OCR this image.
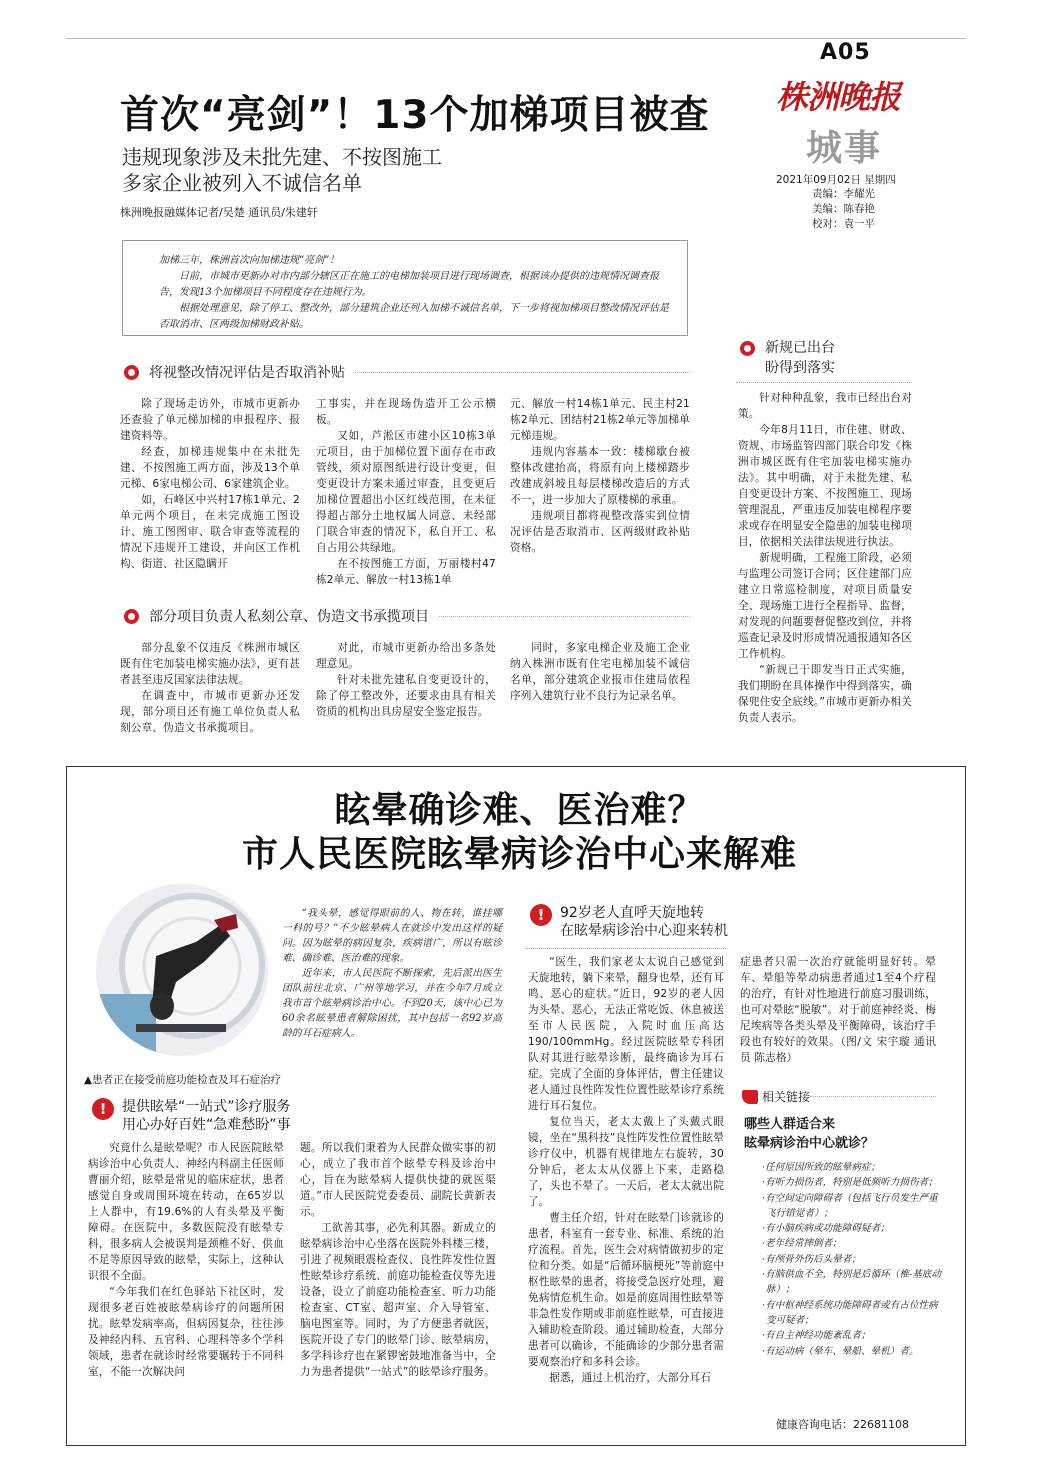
A05
株洲晚报
城事
2021年09月02日 星期四
责编：李耀光
美编：陈春艳
校对：袁一平
首次“亮剑”！13个加梯项目被查
违规现象涉及未批先建、不按图施工
多家企业被列入不诚信名单
株洲晚报融媒体记者/吴楚 通讯员/朱建轩

加梯三年，株洲首次向加梯违规“亮剑”！

日前，市城市更新办对市内部分辖区正在施工的电梯加装项目进行现场调查，根据该办提供的违规情况调查报告，发现13个加梯项目不同程度存在违规行为。

根据处理意见，除了停工、整改外，部分建筑企业还列入加梯不诚信名单，下一步将视加梯项目整改情况评估是否取消市、区两级加梯财政补贴。

将视整改情况评估是否取消补贴

除了现场走访外，市城市更新办还查验了单元梯加梯的申报程序、报建资料等。

经查，加梯违规集中在未批先建、不按图施工两方面，涉及13个单元梯、6家电梯公司、6家建筑企业。

如，石峰区中兴村17栋1单元、2单元两个项目，在未完成施工图设计、施工图图审、联合审查等流程的情况下违规开工建设，并向区工作机构、街道、社区隐瞒开

工事实，并在现场伪造开工公示横板。

又如，芦淞区市建小区10栋3单元项目，由于加梯位置下面存在市政管线，须对原图纸进行设计变更，但变更设计方案未通过审查，且变更后加梯位置超出小区红线范围，在未征得超占部分土地权属人同意、未经部门联合审查的情况下，私自开工、私自占用公共绿地。

在不按图施工方面，万丽楼村47栋2单元、解放一村13栋1单

元、解放一村14栋1单元、民主村21栋2单元、团结村21栋2单元等加梯单元梯违规。

违规内容基本一致：楼梯歇台被整体改建抬高，将原有向上楼梯踏步改建成斜坡且每层楼梯改造后的方式不一，进一步加大了原楼梯的承重。

违规项目都将视整改落实到位情况评估是否取消市、区两级财政补贴资格。

部分项目负责人私刻公章、伪造文书承揽项目

部分乱象不仅违反《株洲市城区既有住宅加装电梯实施办法》，更有甚者甚至违反国家法律法规。

在调查中，市城市更新办还发现，部分项目还有施工单位负责人私刻公章、伪造文书承揽项目。

对此，市城市更新办给出多条处理意见。

针对未批先建私自变更设计的，除了停工整改外，还要求由具有相关资质的机构出具房屋安全鉴定报告。

同时，多家电梯企业及施工企业纳入株洲市既有住宅电梯加装不诚信名单，部分建筑企业报市住建局依程序列入建筑行业不良行为记录名单。

新规已出台
盼得到落实

针对种种乱象，我市已经出台对策。

今年8月11日，市住建、财政、资规、市场监管四部门联合印发《株洲市城区既有住宅加装电梯实施办法》。其中明确，对于未批先建、私自变更设计方案、不按图施工、现场管理混乱，严重违反加装电梯程序要求或存在明显安全隐患的加装电梯项目，依据相关法律法规进行执法。

新规明确，工程施工阶段，必须与监理公司签订合同；区住建部门应建立日常巡检制度，对项目质量安全、现场施工进行全程指导、监督，对发现的问题要督促整改到位，并将巡查记录及时形成情况通报通知各区工作机构。

“新规已于即发当日正式实施，我们期盼在具体操作中得到落实，确保兜住安全底线。”市城市更新办相关负责人表示。

眩晕确诊难、医治难？
市人民医院眩晕病诊治中心来解难

“我头晕，感觉得眼前的人、物在转，谁挂哪一科的号？”不少眩晕病人在就诊中发出这样的疑问。因为眩晕的病因复杂，疾病谱广，所以有眩诊难、确诊难、医治难的现象。

近年来，市人民医院不断探索，先后派出医生团队前往北京、广州等地学习，并在今年7月成立我市首个眩晕病诊治中心。不到20天，该中心已为60余名眩晕患者解除困扰，其中包括一名92岁高龄的耳石症病人。

▲患者正在接受前庭功能检查及耳石症治疗
!	提供眩晕“一站式”诊疗服务
用心办好百姓“急难愁盼”事

究竟什么是眩晕呢？市人民医院眩晕病诊治中心负责人、神经内科副主任医师曹丽介绍，眩晕是常见的临床症状，患者感觉自身或周围环境在转动，在65岁以上人群中，有19.6%的人有头晕及平衡障碍。在医院中，多数医院没有眩晕专科，很多病人会被误判是颈椎不好、供血不足等原因导致的眩晕，实际上，这种认识很不全面。

“今年我们在红色驿站下社区时，发现很多老百姓被眩晕病诊疗的问题所困扰。眩晕发病率高，但病因复杂，往往涉及神经内科、五官科、心理科等多个学科领域，患者在就诊时经常要辗转于不同科室，不能一次解决问

题。所以我们秉着为人民群众做实事的初心，成立了我市首个眩晕专科及诊治中心，旨在为眩晕病人提供快捷的就医渠道。”市人民医院党委委员、副院长黄新表示。

工欲善其事，必先利其器。新成立的眩晕病诊治中心坐落在医院外科楼三楼，引进了视频眼震检查仪、良性阵发性位置性眩晕诊疗系统、前庭功能检查仪等先进设备，设立了前庭功能检查室、听力功能检查室、CT室、超声室、介入导管室、脑电图室等。同时，为了方便患者就医，医院开设了专门的眩晕门诊、眩晕病房，多学科诊疗也在紧锣密鼓地准备当中，全力为患者提供“一站式”的眩晕诊疗服务。

!	92岁老人直呼天旋地转
在眩晕病诊治中心迎来转机

“医生，我们家老太太说自己感觉到天旋地转，躺下来晕，翻身也晕，还有耳鸣、恶心的症状。”近日，92岁的老人因为头晕、恶心，无法正常吃饭、休息被送至市人民医院，入院时血压高达190/100mmHg。经过医院眩晕专科团队对其进行眩晕诊断，最终确诊为耳石症。完成了全面的身体评估，曹主任建议老人通过良性阵发性位置性眩晕诊疗系统进行耳石复位。

复位当天，老太太戴上了头戴式眼镜，坐在“黑科技”良性阵发性位置性眩晕诊疗仪中，机器有规律地左右旋转，30分钟后，老太太从仪器上下来，走路稳了，头也不晕了。一天后，老太太就出院了。

曹主任介绍，针对在眩晕门诊就诊的患者，科室有一套专业、标准、系统的治疗流程。首先，医生会对病情做初步的定位和分类。如是“后循环脑梗死”等前庭中枢性眩晕的患者，将接受急医疗处理，避免病情危机生命。如是前庭周围性眩晕等非急性发作期或非前庭性眩晕，可直接进入辅助检查阶段。通过辅助检查，大部分患者可以确诊，不能确诊的少部分患者需要观察治疗和多科会诊。

据悉，通过上机治疗，大部分耳石

症患者只需一次治疗就能明显好转。晕车、晕船等晕动病患者通过1至4个疗程的治疗，有针对性地进行前庭习服训练，也可对晕眩“脱敏”。对于前庭神经炎、梅尼埃病等各类头晕及平衡障碍，该治疗手段也有较好的效果。（图/文 宋宇璇 通讯员 陈志格）

相关链接
哪些人群适合来
眩晕病诊治中心就诊？
·任何原因所致的眩晕病症；
·有听力损伤者，特别是低频听力损伤者；
·有空间定向障碍者（包括飞行员发生严重飞行错觉者）；
·有小脑疾病或功能障碍疑者；
·老年经常摔倒者；
·有颅骨外伤后头晕者；
·有脑供血不全，特别是后循环（椎-基底动脉）；
·有中枢神经系统功能障碍者或有占位性病变可疑者；
·有自主神经功能紊乱者；
·有运动病（晕车、晕船、晕机）者。
健康咨询电话：22681108
